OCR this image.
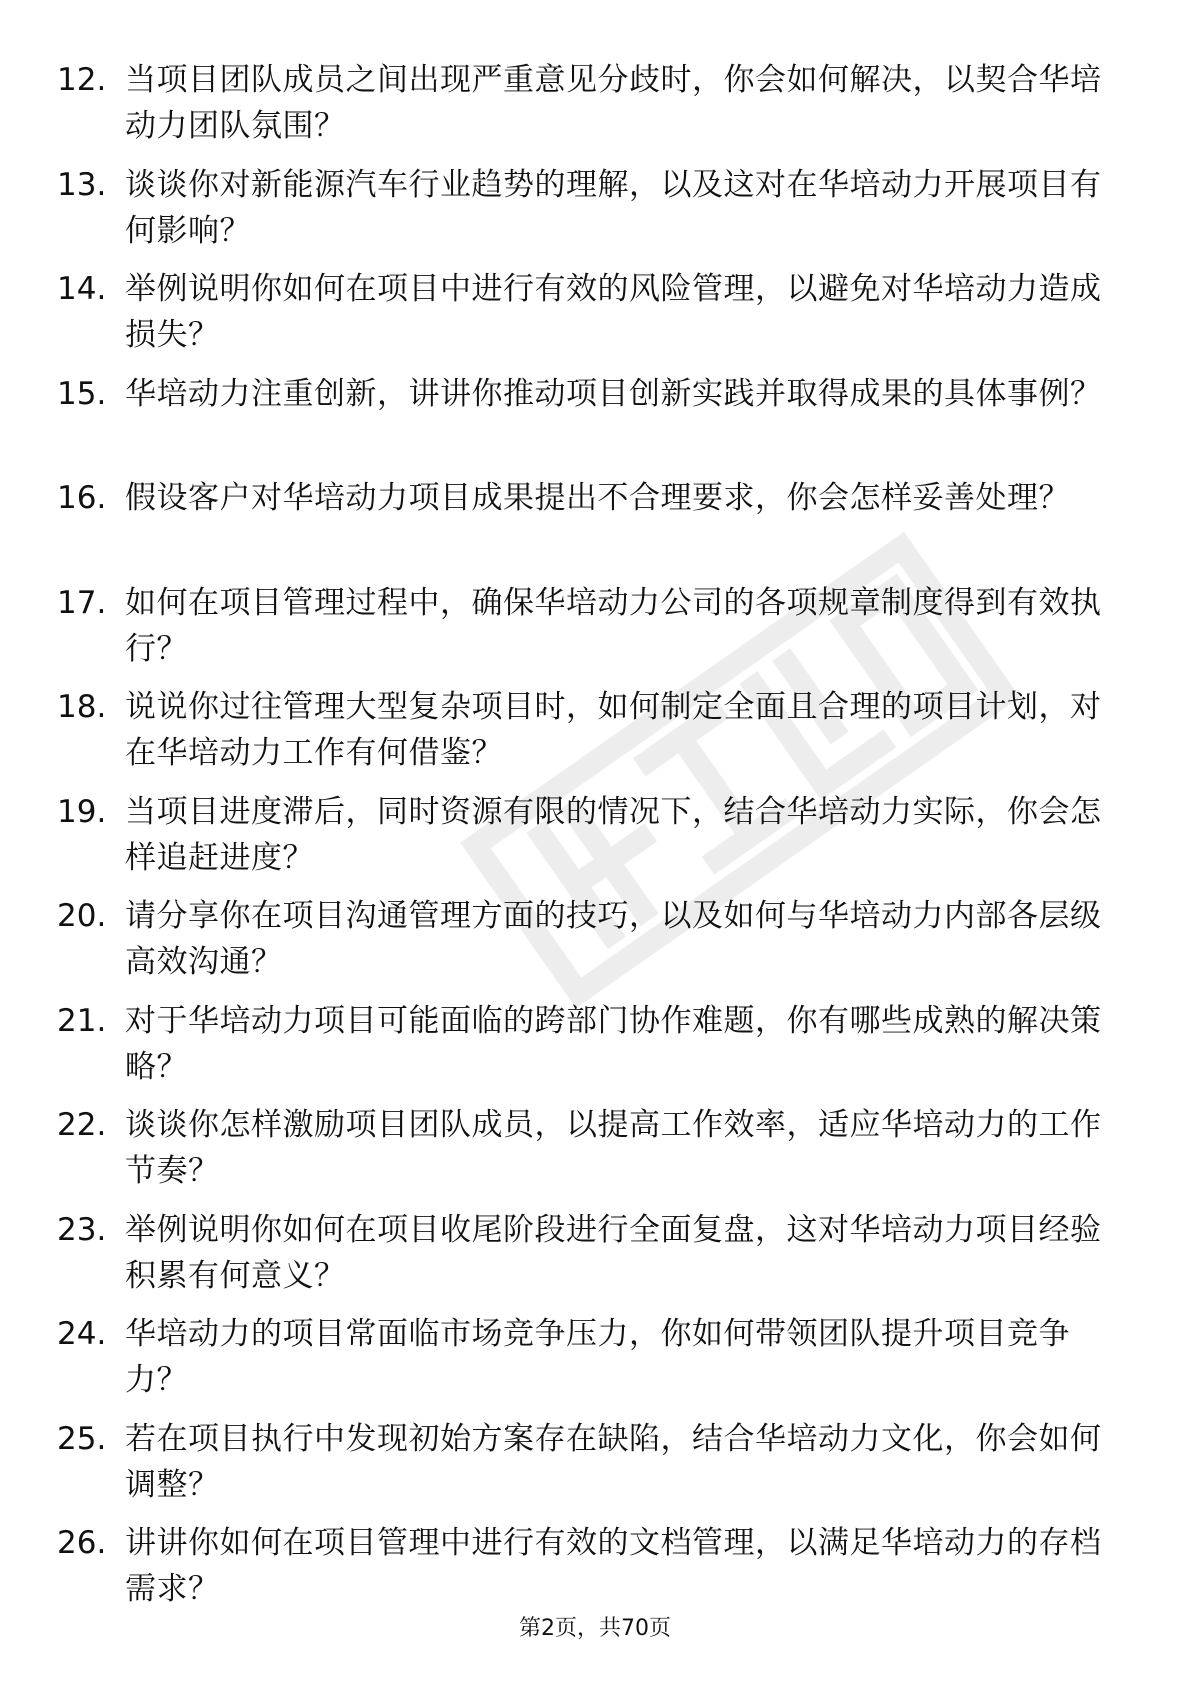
12. 当项目团队成员之间出现严重意见分歧时，你会如何解决，以契合华培动力团队氛围？
13. 谈谈你对新能源汽车行业趋势的理解，以及这对在华培动力开展项目有何影响？
14. 举例说明你如何在项目中进行有效的风险管理，以避免对华培动力造成损失？
15. 华培动力注重创新，讲讲你推动项目创新实践并取得成果的具体事例？
16. 假设客户对华培动力项目成果提出不合理要求，你会怎样妥善处理？
17. 如何在项目管理过程中，确保华培动力公司的各项规章制度得到有效执行？
18. 说说你过往管理大型复杂项目时，如何制定全面且合理的项目计划，对在华培动力工作有何借鉴？
19. 当项目进度滞后，同时资源有限的情况下，结合华培动力实际，你会怎样追赶进度？
20. 请分享你在项目沟通管理方面的技巧，以及如何与华培动力内部各层级高效沟通？
21. 对于华培动力项目可能面临的跨部门协作难题，你有哪些成熟的解决策略？
22. 谈谈你怎样激励项目团队成员，以提高工作效率，适应华培动力的工作节奏？
23. 举例说明你如何在项目收尾阶段进行全面复盘，这对华培动力项目经验积累有何意义？
24. 华培动力的项目常面临市场竞争压力，你如何带领团队提升项目竞争力？
25. 若在项目执行中发现初始方案存在缺陷，结合华培动力文化，你会如何调整？
26. 讲讲你如何在项目管理中进行有效的文档管理，以满足华培动力的存档需求？
第2页，共70页
